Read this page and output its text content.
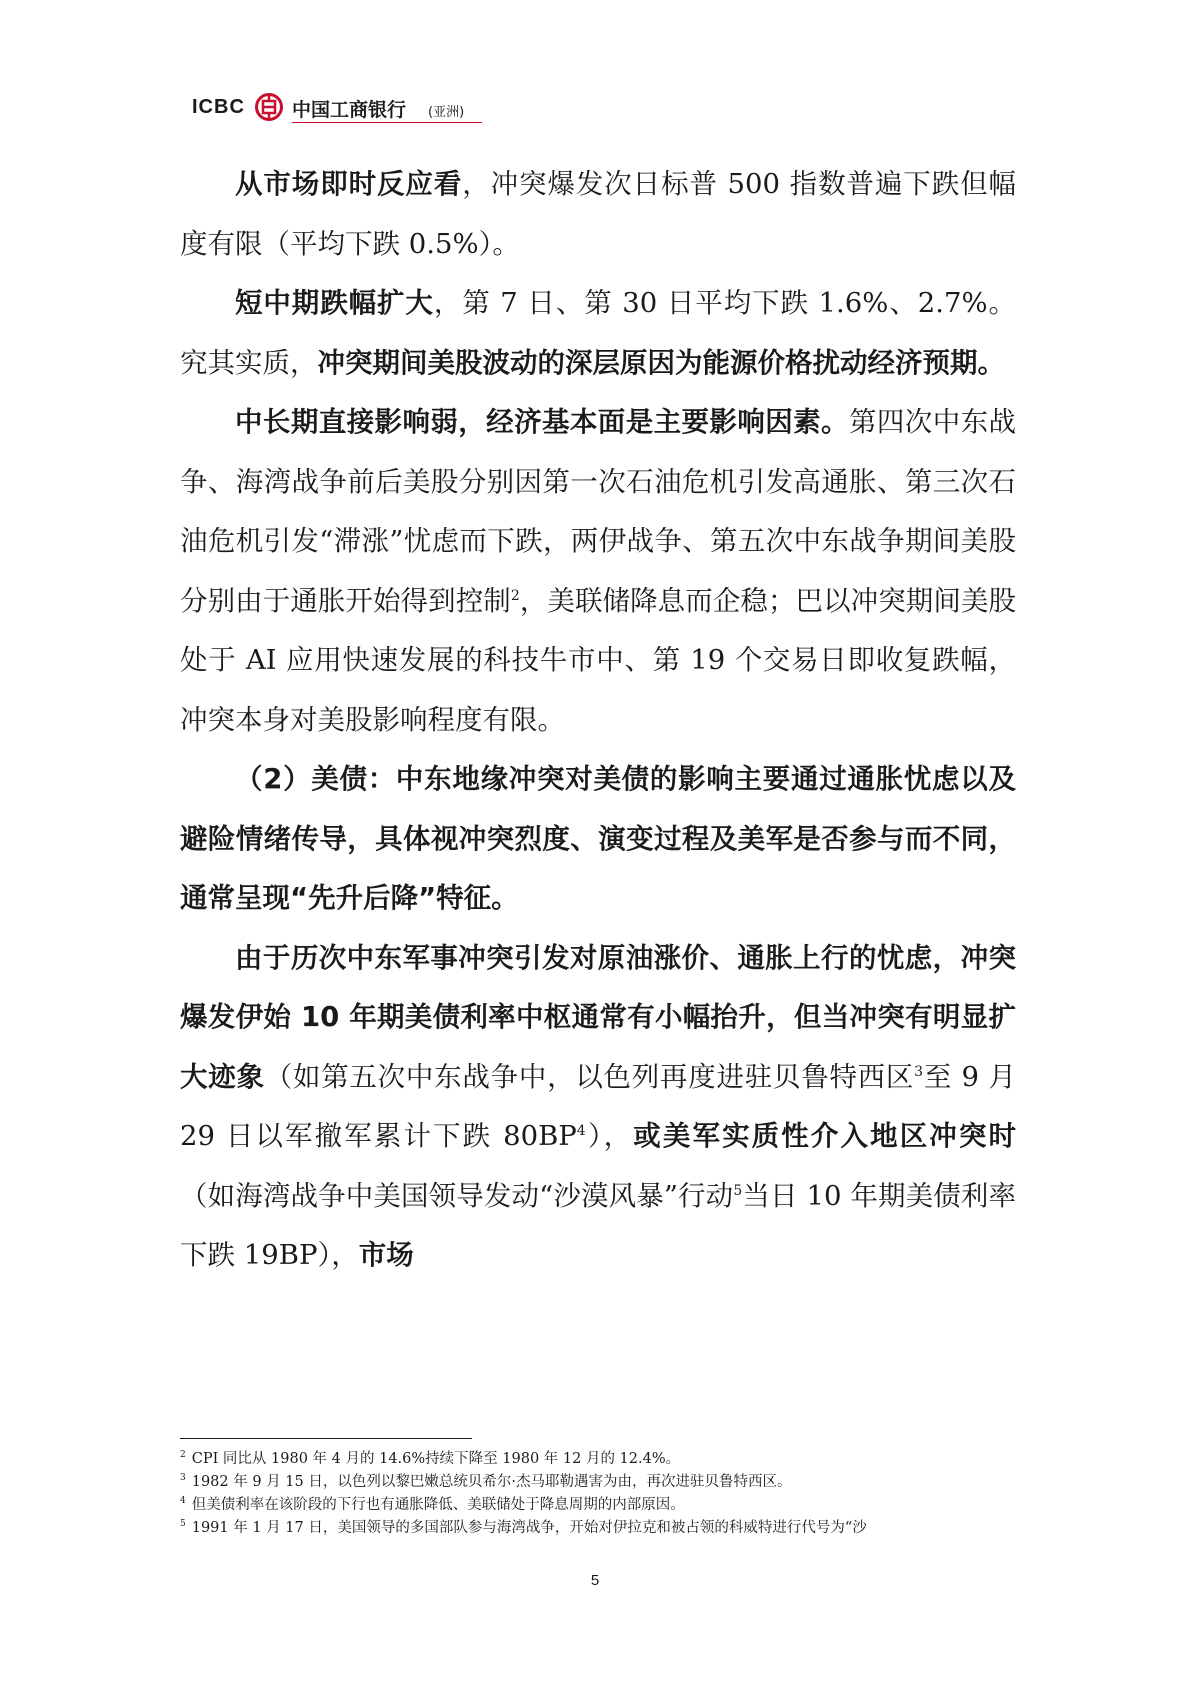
ICBC 中国工商银行 (亚洲)

从市场即时反应看，冲突爆发次日标普 500 指数普遍下跌但幅度有限（平均下跌 0.5%）。

短中期跌幅扩大，第 7 日、第 30 日平均下跌 1.6%、2.7%。究其实质，冲突期间美股波动的深层原因为能源价格扰动经济预期。

中长期直接影响弱，经济基本面是主要影响因素。第四次中东战争、海湾战争前后美股分别因第一次石油危机引发高通胀、第三次石油危机引发“滞涨”忧虑而下跌，两伊战争、第五次中东战争期间美股分别由于通胀开始得到控制$^2$，美联储降息而企稳；巴以冲突期间美股处于 AI 应用快速发展的科技牛市中、第 19 个交易日即收复跌幅，冲突本身对美股影响程度有限。

（2）美债：中东地缘冲突对美债的影响主要通过通胀忧虑以及避险情绪传导，具体视冲突烈度、演变过程及美军是否参与而不同，通常呈现“先升后降”特征。

由于历次中东军事冲突引发对原油涨价、通胀上行的忧虑，冲突爆发伊始 10 年期美债利率中枢通常有小幅抬升，但当冲突有明显扩大迹象（如第五次中东战争中，以色列再度进驻贝鲁特西区$^3$至 9 月 29 日以军撤军累计下跌 $80BP^4$），或美军实质性介入地区冲突时（如海湾战争中美国领导发动“沙漠风暴”行动$^5$当日 10 年期美债利率下跌 19BP），市场

$^2$ CPI 同比从 1980 年 4 月的 14.6%持续下降至 1980 年 12 月的 12.4%。
$^3$ 1982 年 9 月 15 日，以色列以黎巴嫩总统贝希尔·杰马耶勒遇害为由，再次进驻贝鲁特西区。
$^4$ 但美债利率在该阶段的下行也有通胀降低、美联储处于降息周期的内部原因。
$^5$ 1991 年 1 月 17 日，美国领导的多国部队参与海湾战争，开始对伊拉克和被占领的科威特进行代号为“沙
5
